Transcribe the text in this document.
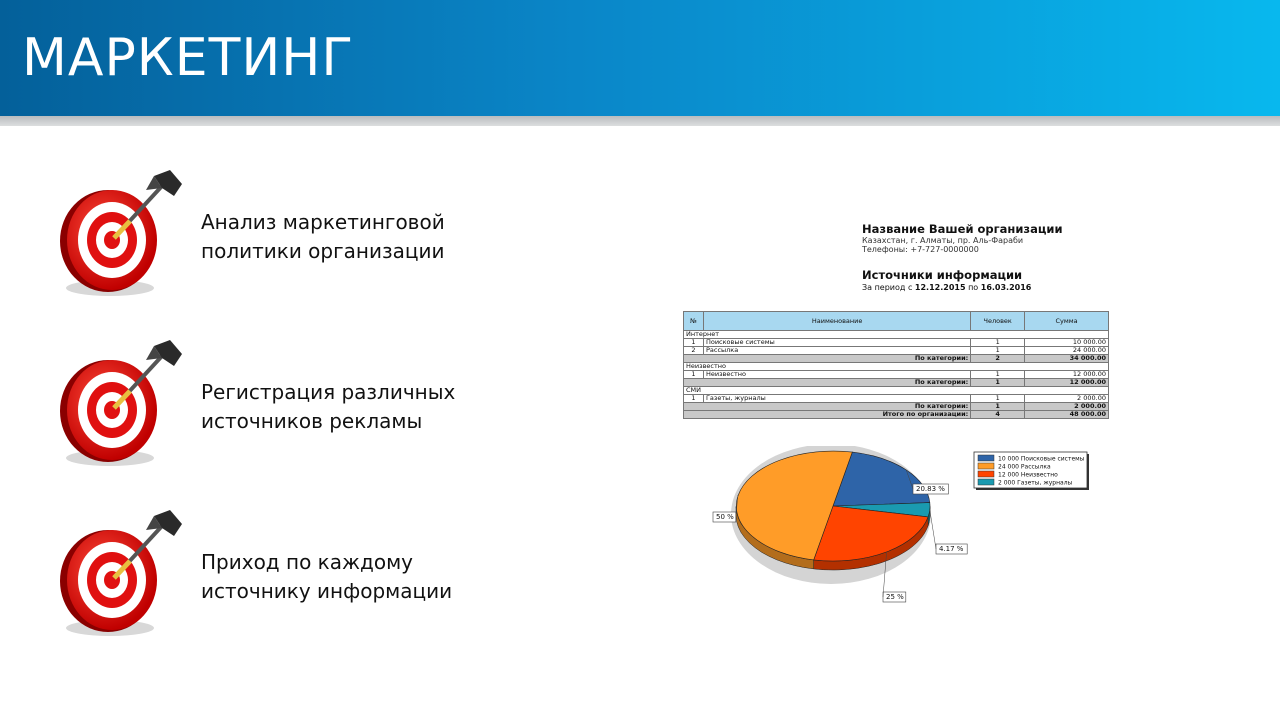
МАРКЕТИНГ
Анализ маркетинговой
политики организации
Регистрация различных
источников рекламы
Приход по каждому
источнику информации
Название Вашей организации
Казахстан, г. Алматы, пр. Аль-Фараби
Телефоны: +7-727-0000000
Источники информации
За период с 12.12.2015 по 16.03.2016
№	Наименование	Человек	Сумма
Интернет			
1	Поисковые системы	1	10 000.00
2	Рассылка	1	24 000.00
По категории:		2	34 000.00
Неизвестно			
1	Неизвестно	1	12 000.00
По категории:		1	12 000.00
СМИ			
1	Газеты, журналы	1	2 000.00
По категории:		1	2 000.00
Итого по организации:		4	48 000.00
20.83 %
4.17 %
25 %
50 %
10 000 Поисковые системы
24 000 Рассылка
12 000 Неизвестно
2 000 Газеты, журналы
